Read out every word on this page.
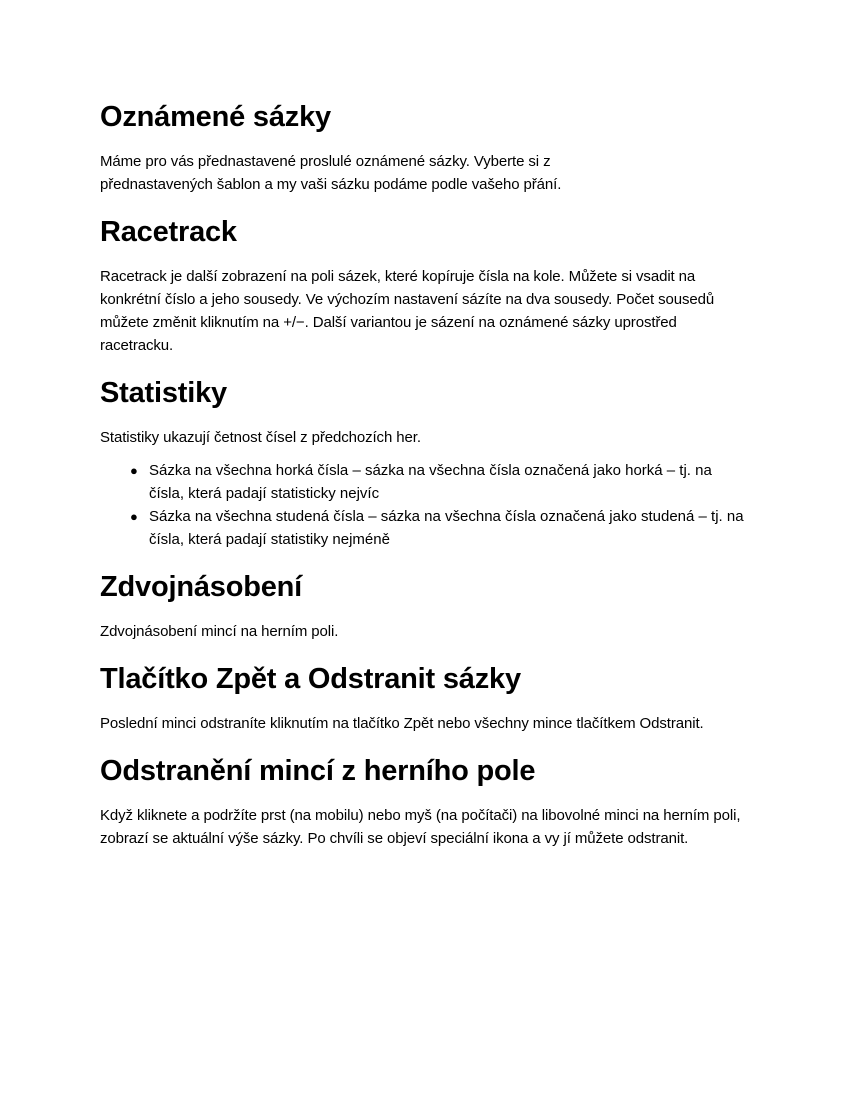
Oznámené sázky

Máme pro vás přednastavené proslulé oznámené sázky. Vyberte si z přednastavených šablon a my vaši sázku podáme podle vašeho přání.

Racetrack

Racetrack je další zobrazení na poli sázek, které kopíruje čísla na kole. Můžete si vsadit na konkrétní číslo a jeho sousedy. Ve výchozím nastavení sázíte na dva sousedy. Počet sousedů můžete změnit kliknutím na +/−. Další variantou je sázení na oznámené sázky uprostřed racetracku.

Statistiky

Statistiky ukazují četnost čísel z předchozích her.

● Sázka na všechna horká čísla – sázka na všechna čísla označená jako horká – tj. na čísla, která padají statisticky nejvíc
● Sázka na všechna studená čísla – sázka na všechna čísla označená jako studená – tj. na čísla, která padají statistiky nejméně
Zdvojnásobení

Zdvojnásobení mincí na herním poli.

Tlačítko Zpět a Odstranit sázky

Poslední minci odstraníte kliknutím na tlačítko Zpět nebo všechny mince tlačítkem Odstranit.

Odstranění mincí z herního pole

Když kliknete a podržíte prst (na mobilu) nebo myš (na počítači) na libovolné minci na herním poli, zobrazí se aktuální výše sázky. Po chvíli se objeví speciální ikona a vy jí můžete odstranit.
